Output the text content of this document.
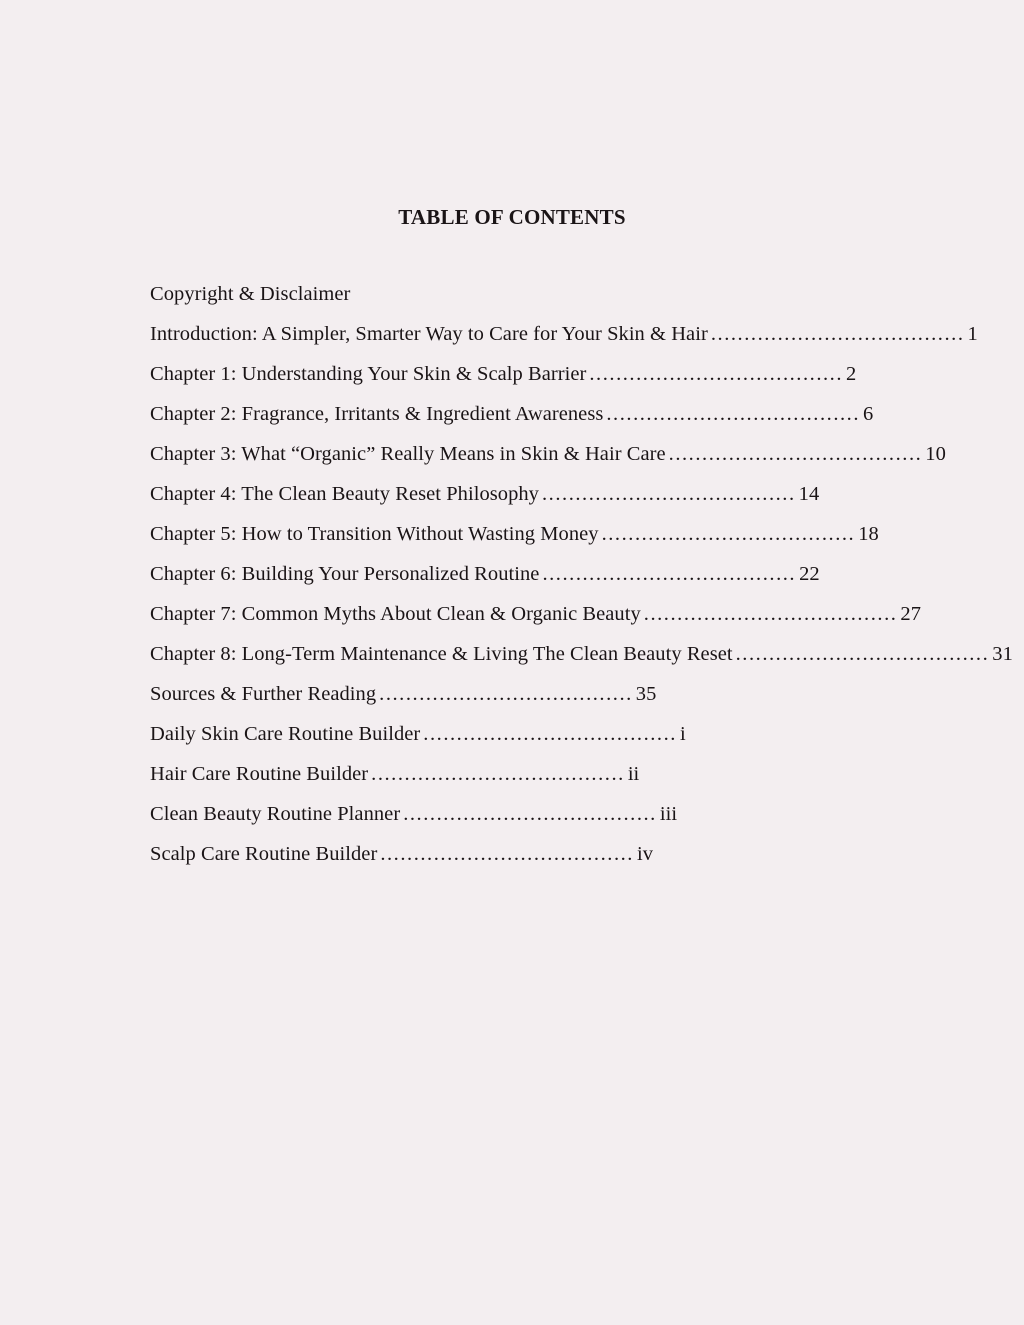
TABLE OF CONTENTS
Copyright & Disclaimer
Introduction: A Simpler, Smarter Way to Care for Your Skin & Hair ...................................... 1
Chapter 1: Understanding Your Skin & Scalp Barrier ...................................... 2
Chapter 2: Fragrance, Irritants & Ingredient Awareness ...................................... 6
Chapter 3: What “Organic” Really Means in Skin & Hair Care ...................................... 10
Chapter 4: The Clean Beauty Reset Philosophy ...................................... 14
Chapter 5: How to Transition Without Wasting Money ...................................... 18
Chapter 6: Building Your Personalized Routine ...................................... 22
Chapter 7: Common Myths About Clean & Organic Beauty ...................................... 27
Chapter 8: Long-Term Maintenance & Living The Clean Beauty Reset ...................................... 31
Sources & Further Reading ...................................... 35
Daily Skin Care Routine Builder ...................................... i
Hair Care Routine Builder ...................................... ii
Clean Beauty Routine Planner ...................................... iii
Scalp Care Routine Builder ...................................... iv
